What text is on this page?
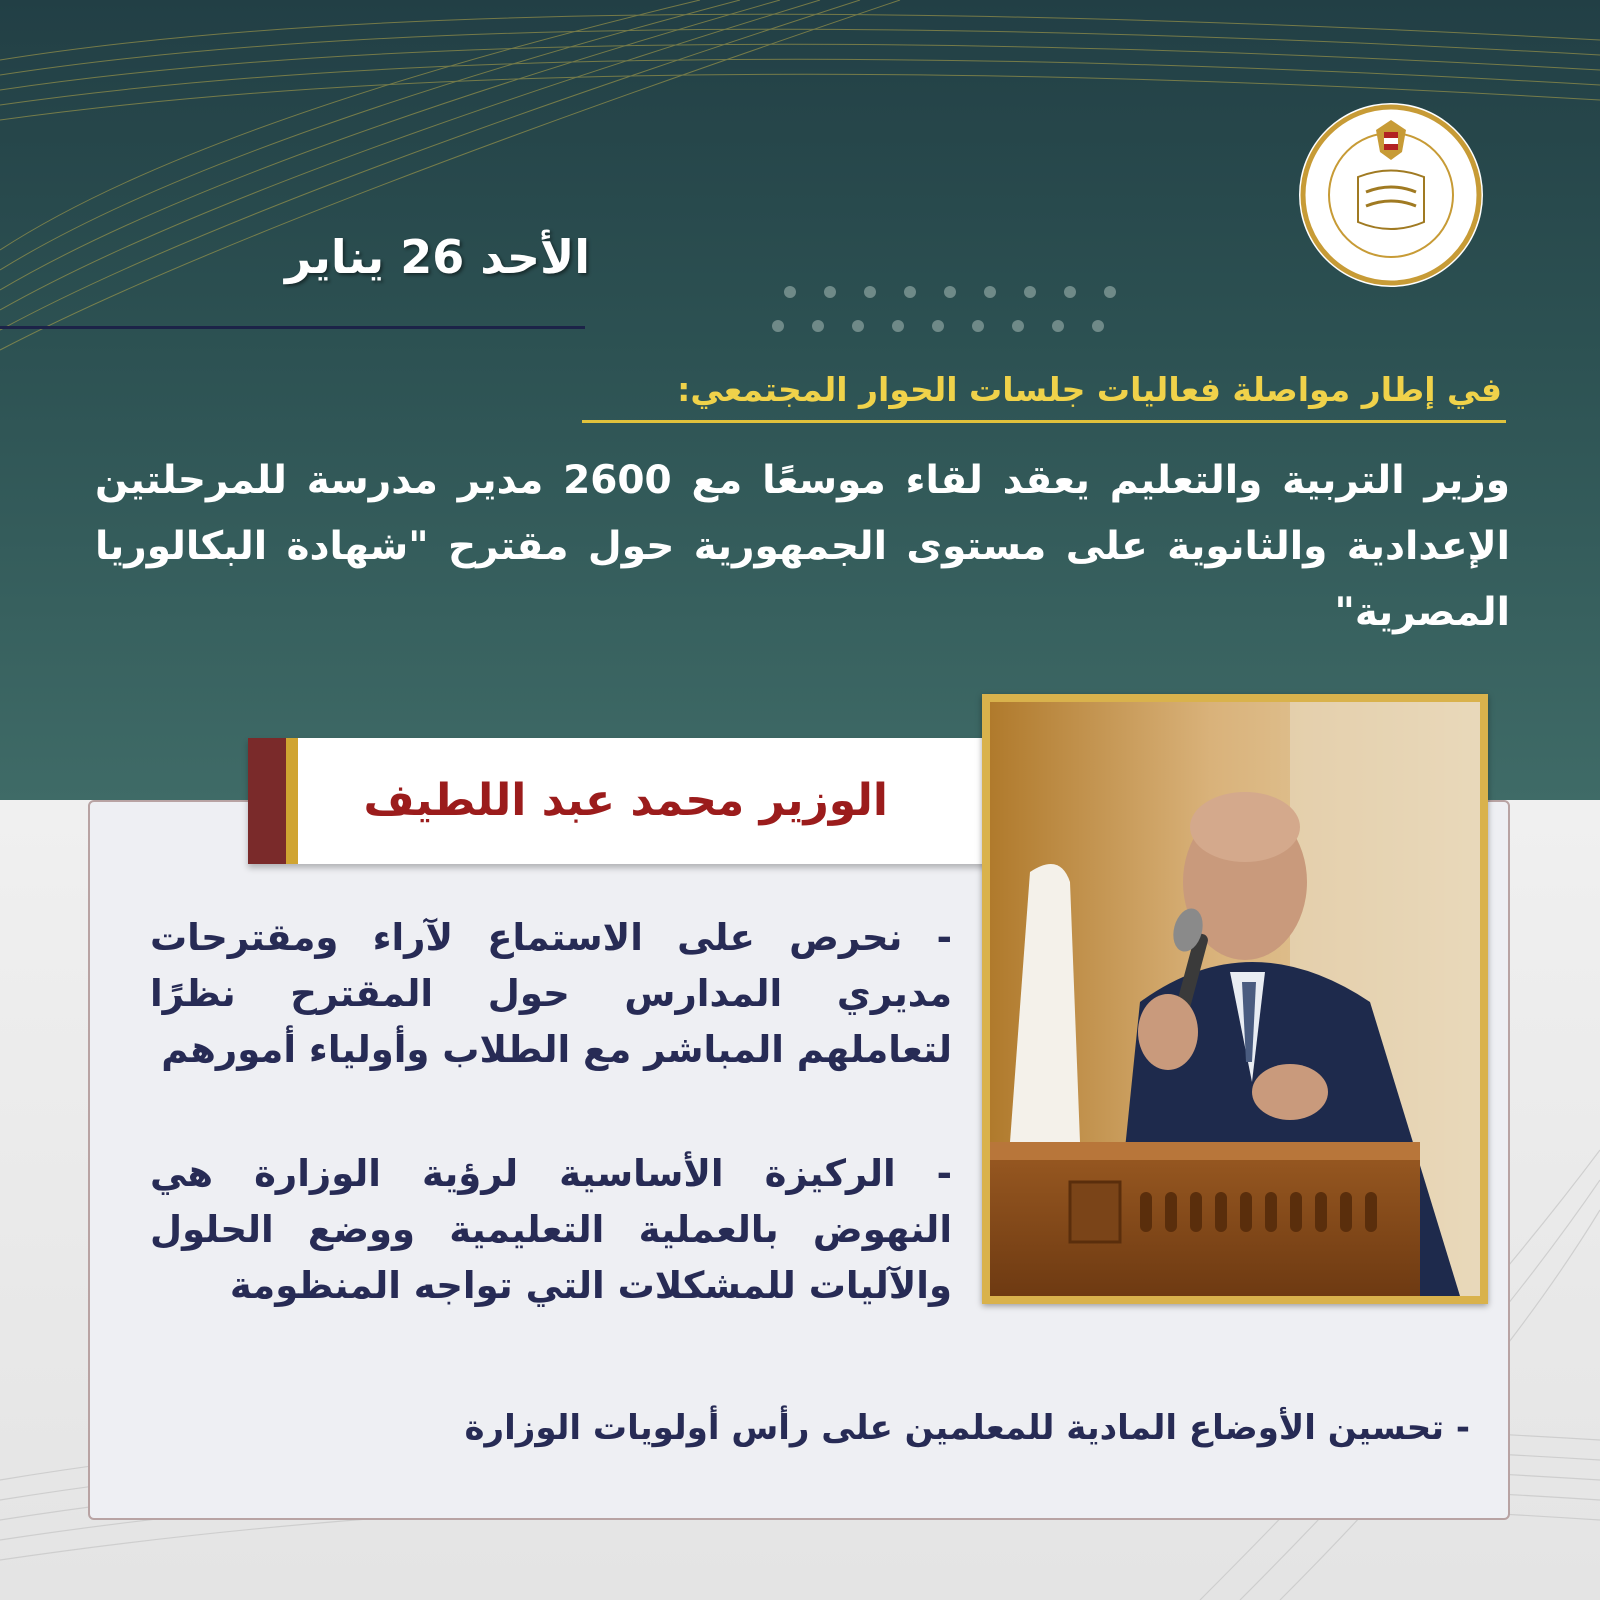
الأحد 26 يناير
في إطار مواصلة فعاليات جلسات الحوار المجتمعي:
وزير التربية والتعليم يعقد لقاء موسعًا مع 2600 مدير مدرسة للمرحلتين الإعدادية والثانوية على مستوى الجمهورية حول مقترح "شهادة البكالوريا المصرية"
الوزير محمد عبد اللطيف
- نحرص على الاستماع لآراء ومقترحات مديري المدارس حول المقترح نظرًا لتعاملهم المباشر مع الطلاب وأولياء أمورهم
- الركيزة الأساسية لرؤية الوزارة هي النهوض بالعملية التعليمية ووضع الحلول والآليات للمشكلات التي تواجه المنظومة
- تحسين الأوضاع المادية للمعلمين على رأس أولويات الوزارة
